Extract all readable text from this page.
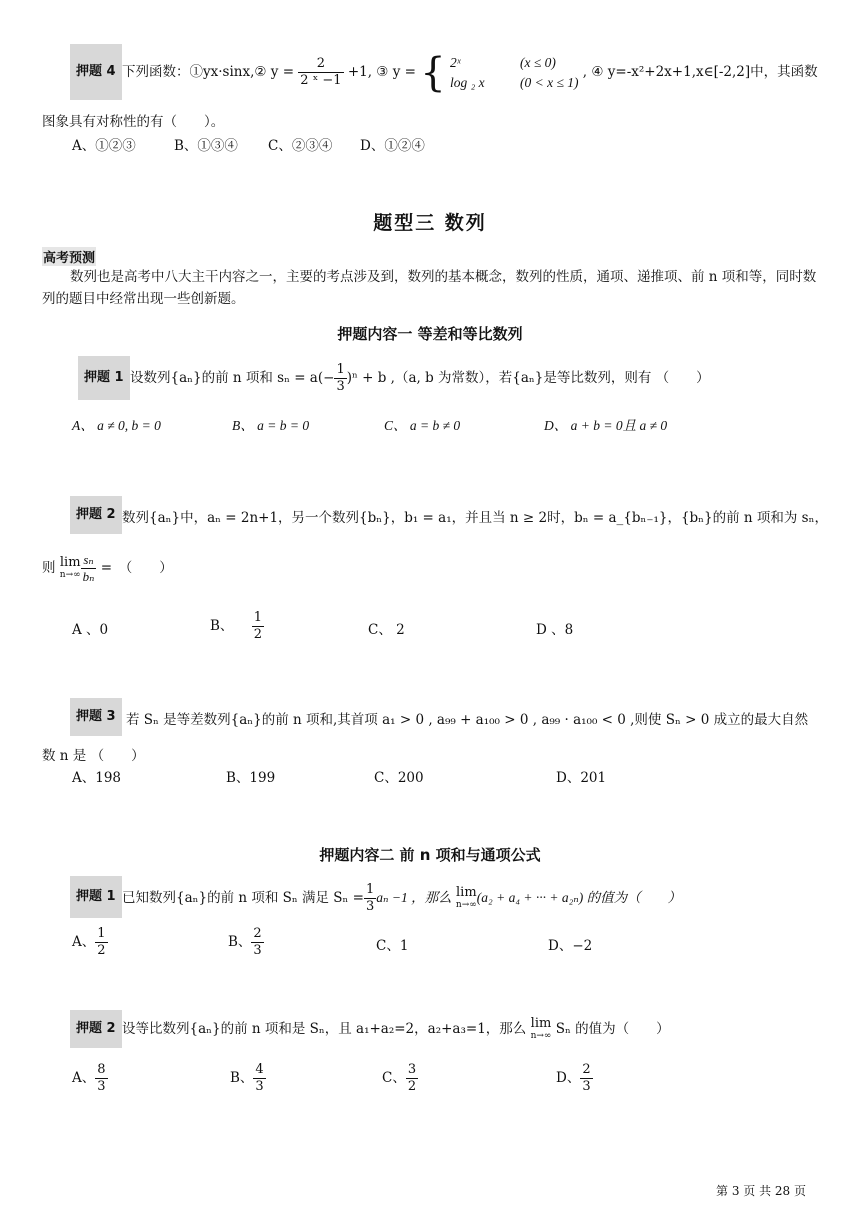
押题 4 下列函数：①yx·sinx,② $y = \frac{2}{\text{2 ˣ −1}} +1$, ③ y = { 2ˣ	(x ≤ 0)
log ₂ x	(0 < x ≤ 1)
, ④ y=-x²+2x+1,x∈[-2,2]中，其函数
图象具有对称性的有（　　）。
A、①②③	B、①③④ C、②③④ D、①②④
题型三 数列
高考预测
数列也是高考中八大主干内容之一，主要的考点涉及到，数列的基本概念，数列的性质，通项、递推项、前 n 项和等，同时数列的题目中经常出现一些创新题。
押题内容一 等差和等比数列
押题 1 设数列{aₙ}的前 n 项和 $s_n = a(- \frac{1}{3} )^n + b$ ,（a, b 为常数），若{aₙ}是等比数列，则有 （　　）
A、 a ≠ 0, b = 0	B、 a = b = 0	C、 a = b ≠ 0	D、 a + b = 0且 a ≠ 0
押题 2 数列{aₙ}中，aₙ = 2n+1，另一个数列{bₙ}，b₁ = a₁，并且当 n ≥ 2时，bₙ = a_{bₙ₋₁}，{bₙ}的前 n 项和为 sₙ，
则 lim
$n\to\infty \frac{\text{sₙ}}{\text{bₙ}}$ =　（　　）
A 、0	B、 $\frac{1}{2}$	C、 2	D 、8
押题 3 若 Sₙ 是等差数列{aₙ}的前 n 项和,其首项 a₁ > 0 , a₉₉ + a₁₀₀ > 0 , a₉₉ · a₁₀₀ < 0 ,则使 Sₙ > 0 成立的最大自然
数 n 是 （　　）
A、198	B、199	C、200	D、201
押题内容二 前 n 项和与通项公式
押题 1 已知数列{aₙ}的前 n 项和 Sₙ 满足 $S_n = \frac{1}{3}$ aₙ −1 ，那么 lim
n→∞ (a₂ + a₄ + ··· + a₂ₙ) 的值为（　　）
A、 $\frac{1}{2}$	B、 $\frac{2}{3}$	C、1	D、−2
押题 2 设等比数列{aₙ}的前 n 项和是 Sₙ，且 a₁+a₂=2，a₂+a₃=1，那么 lim
n→∞ Sₙ 的值为（　　）
A、 $\frac{8}{3}$	B、 $\frac{4}{3}$	C、 $\frac{3}{2}$	D、 $\frac{2}{3}$
第 3 页 共 28 页
